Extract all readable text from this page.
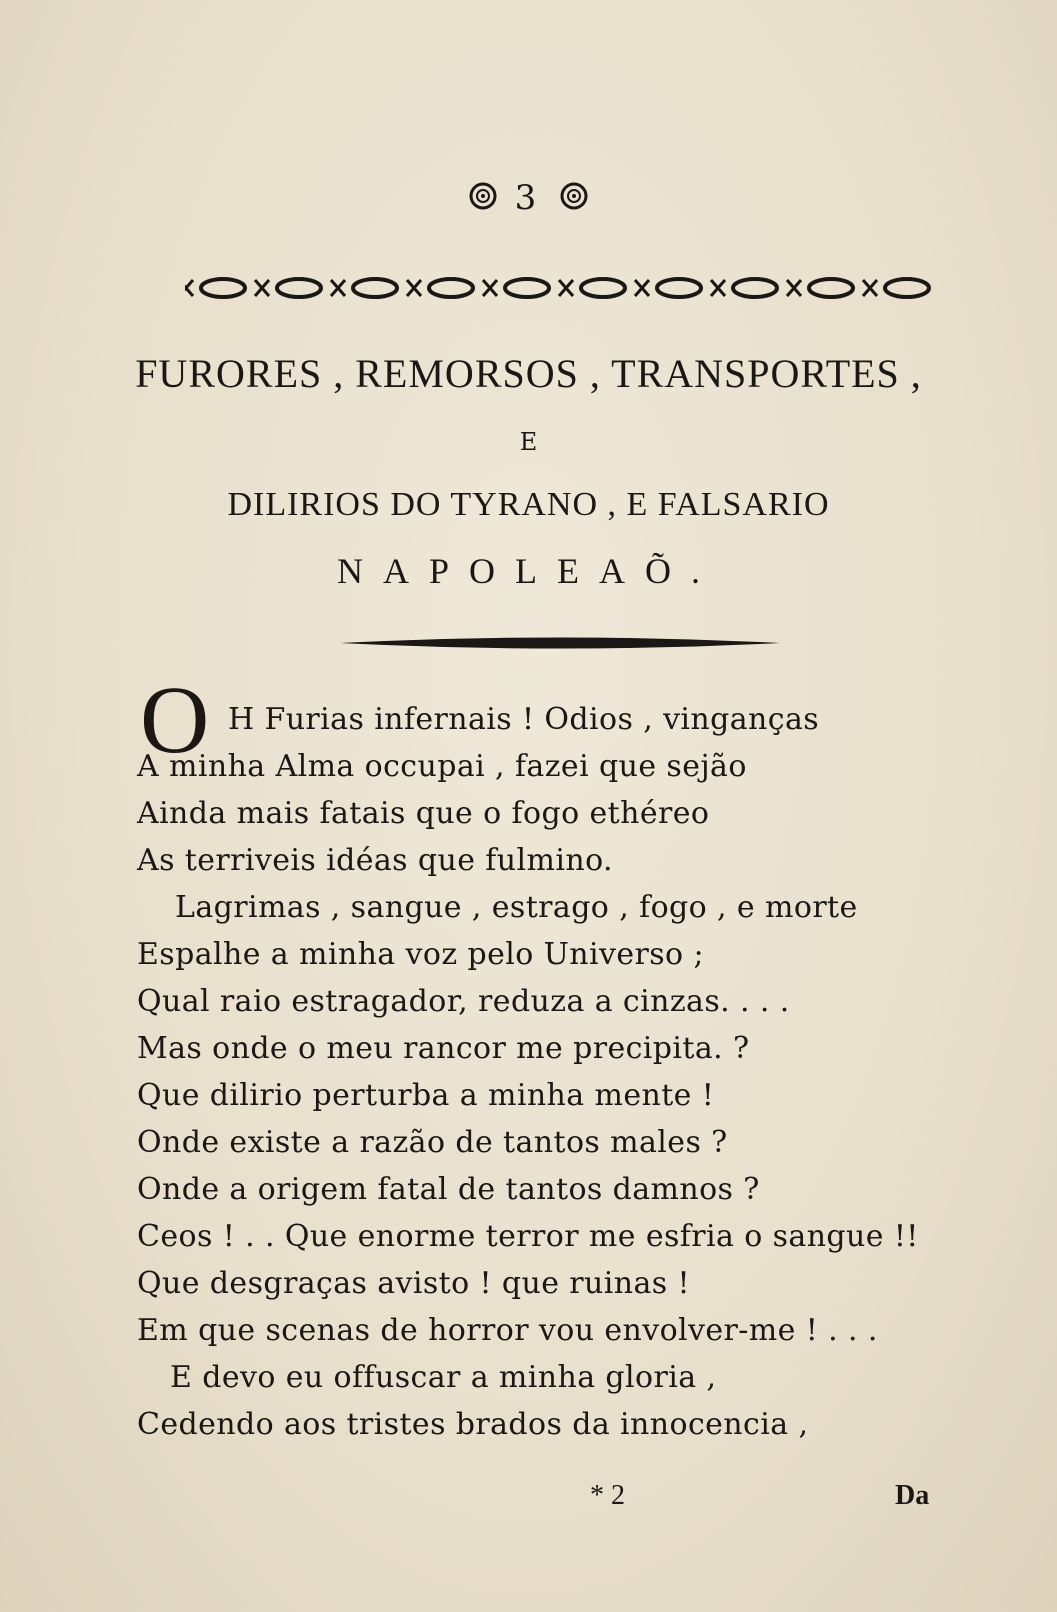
3
FURORES , REMORSOS , TRANSPORTES ,
E
DILIRIOS DO TYRANO , E FALSARIO
NAPOLEAÕ.
O H Furias infernais ! Odios , vinganças
A minha Alma occupai , fazei que sejão
Ainda mais fatais que o fogo ethéreo
As terriveis idéas que fulmino.
Lagrimas , sangue , estrago , fogo , e morte
Espalhe a minha voz pelo Universo ;
Qual raio estragador, reduza a cinzas. . . .
Mas onde o meu rancor me precipita. ?
Que dilirio perturba a minha mente !
Onde existe a razão de tantos males ?
Onde a origem fatal de tantos damnos ?
Ceos ! . . Que enorme terror me esfria o sangue !!
Que desgraças avisto ! que ruinas !
Em que scenas de horror vou envolver-me ! . . .
E devo eu offuscar a minha gloria ,
Cedendo aos tristes brados da innocencia ,
* 2	Da
